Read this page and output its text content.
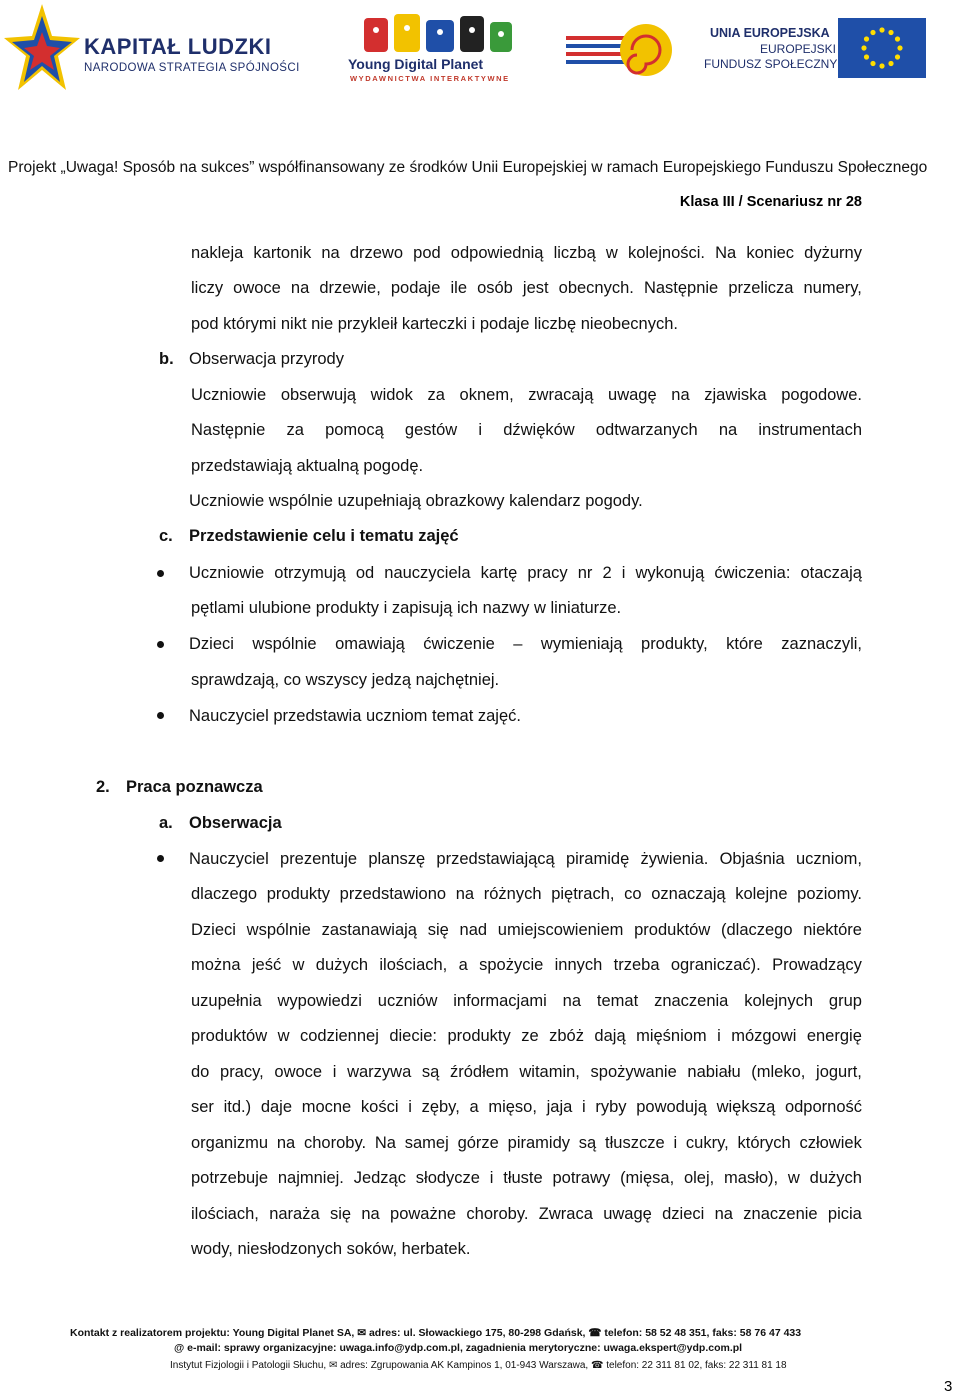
KAPITAŁ LUDZKI
NARODOWA STRATEGIA SPÓJNOŚCI	Young Digital Planet
WYDAWNICTWA INTERAKTYWNE
UNIA EUROPEJSKA
EUROPEJSKI
FUNDUSZ SPOŁECZNY
Projekt „Uwaga! Sposób na sukces” współfinansowany ze środków Unii Europejskiej w ramach Europejskiego Funduszu Społecznego
Klasa III / Scenariusz nr 28
nakleja kartonik na drzewo pod odpowiednią liczbą w kolejności. Na koniec dyżurny
liczy owoce na drzewie, podaje ile osób jest obecnych. Następnie przelicza numery,
pod którymi nikt nie przykleił karteczki i podaje liczbę nieobecnych.
b. Obserwacja przyrody
Uczniowie obserwują widok za oknem, zwracają uwagę na zjawiska pogodowe.
Następnie za pomocą gestów i dźwięków odtwarzanych na instrumentach
przedstawiają aktualną pogodę.
Uczniowie wspólnie uzupełniają obrazkowy kalendarz pogody.
c. Przedstawienie celu i tematu zajęć
Uczniowie otrzymują od nauczyciela kartę pracy nr 2 i wykonują ćwiczenia: otaczają
pętlami ulubione produkty i zapisują ich nazwy w liniaturze.
Dzieci wspólnie omawiają ćwiczenie – wymieniają produkty, które zaznaczyli,
sprawdzają, co wszyscy jedzą najchętniej.
Nauczyciel przedstawia uczniom temat zajęć.
2. Praca poznawcza
a. Obserwacja
Nauczyciel prezentuje planszę przedstawiającą piramidę żywienia. Objaśnia uczniom,
dlaczego produkty przedstawiono na różnych piętrach, co oznaczają kolejne poziomy.
Dzieci wspólnie zastanawiają się nad umiejscowieniem produktów (dlaczego niektóre
można jeść w dużych ilościach, a spożycie innych trzeba ograniczać). Prowadzący
uzupełnia wypowiedzi uczniów informacjami na temat znaczenia kolejnych grup
produktów w codziennej diecie: produkty ze zbóż dają mięśniom i mózgowi energię
do pracy, owoce i warzywa są źródłem witamin, spożywanie nabiału (mleko, jogurt,
ser itd.) daje mocne kości i zęby, a mięso, jaja i ryby powodują większą odporność
organizmu na choroby. Na samej górze piramidy są tłuszcze i cukry, których człowiek
potrzebuje najmniej. Jedząc słodycze i tłuste potrawy (mięsa, olej, masło), w dużych
ilościach, naraża się na poważne choroby. Zwraca uwagę dzieci na znaczenie picia
wody, niesłodzonych soków, herbatek.
Kontakt z realizatorem projektu: Young Digital Planet SA, ✉ adres: ul. Słowackiego 175, 80-298 Gdańsk, ☎ telefon: 58 52 48 351, faks: 58 76 47 433
@ e-mail: sprawy organizacyjne: uwaga.info@ydp.com.pl, zagadnienia merytoryczne: uwaga.ekspert@ydp.com.pl
Instytut Fizjologii i Patologii Słuchu, ✉ adres: Zgrupowania AK Kampinos 1, 01-943 Warszawa, ☎ telefon: 22 311 81 02, faks: 22 311 81 18
3
